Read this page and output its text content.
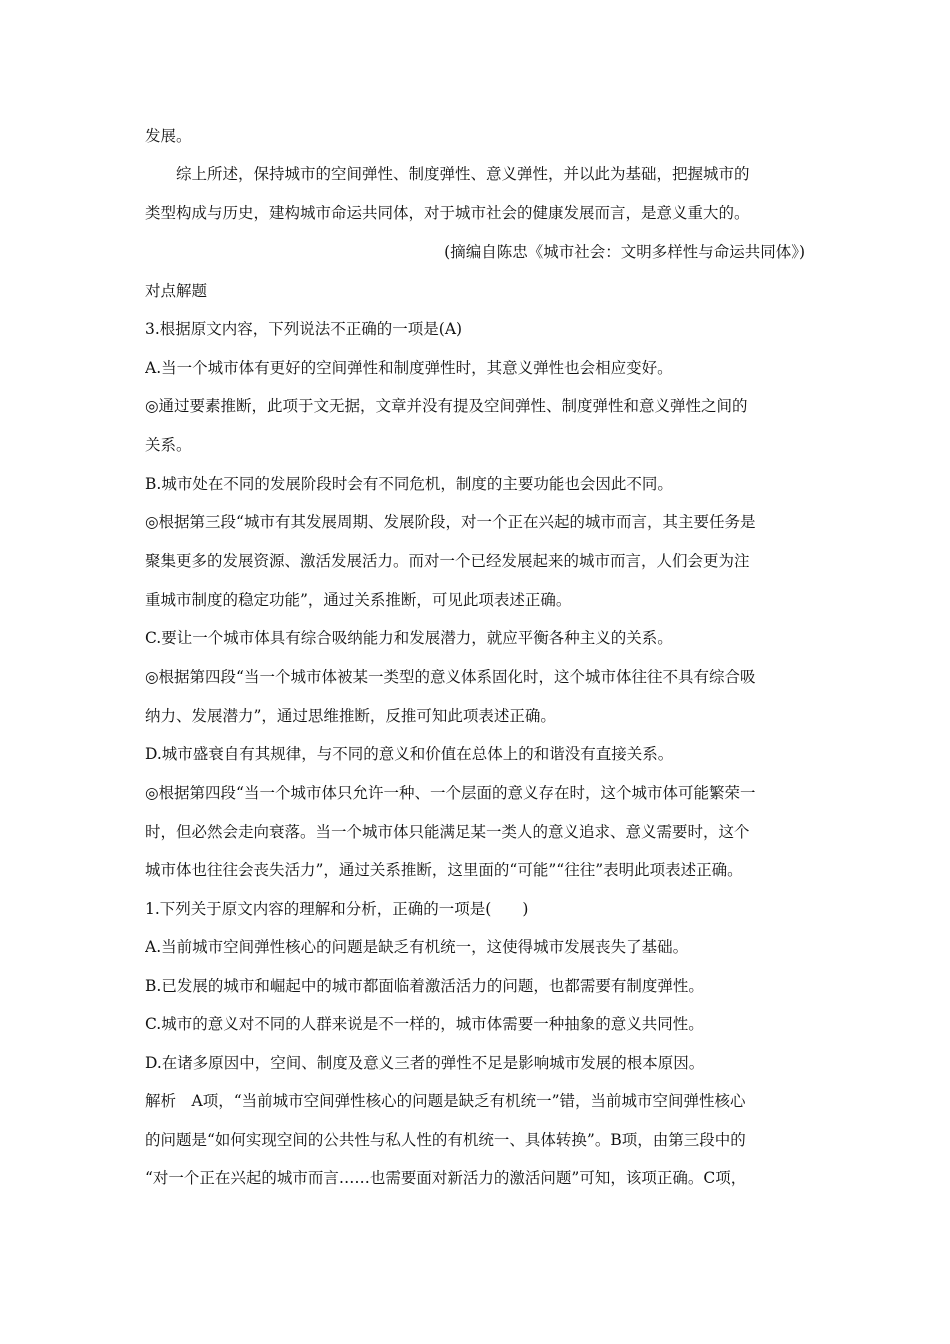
发展。
综上所述，保持城市的空间弹性、制度弹性、意义弹性，并以此为基础，把握城市的
类型构成与历史，建构城市命运共同体，对于城市社会的健康发展而言，是意义重大的。
(摘编自陈忠《城市社会：文明多样性与命运共同体》)
对点解题
3.根据原文内容，下列说法不正确的一项是(A)
A.当一个城市体有更好的空间弹性和制度弹性时，其意义弹性也会相应变好。
◎通过要素推断，此项于文无据，文章并没有提及空间弹性、制度弹性和意义弹性之间的
关系。
B.城市处在不同的发展阶段时会有不同危机，制度的主要功能也会因此不同。
◎根据第三段“城市有其发展周期、发展阶段，对一个正在兴起的城市而言，其主要任务是
聚集更多的发展资源、激活发展活力。而对一个已经发展起来的城市而言，人们会更为注
重城市制度的稳定功能”，通过关系推断，可见此项表述正确。
C.要让一个城市体具有综合吸纳能力和发展潜力，就应平衡各种主义的关系。
◎根据第四段“当一个城市体被某一类型的意义体系固化时，这个城市体往往不具有综合吸
纳力、发展潜力”，通过思维推断，反推可知此项表述正确。
D.城市盛衰自有其规律，与不同的意义和价值在总体上的和谐没有直接关系。
◎根据第四段“当一个城市体只允许一种、一个层面的意义存在时，这个城市体可能繁荣一
时，但必然会走向衰落。当一个城市体只能满足某一类人的意义追求、意义需要时，这个
城市体也往往会丧失活力”，通过关系推断，这里面的“可能”“往往”表明此项表述正确。
1.下列关于原文内容的理解和分析，正确的一项是(　　)
A.当前城市空间弹性核心的问题是缺乏有机统一，这使得城市发展丧失了基础。
B.已发展的城市和崛起中的城市都面临着激活活力的问题，也都需要有制度弹性。
C.城市的意义对不同的人群来说是不一样的，城市体需要一种抽象的意义共同性。
D.在诸多原因中，空间、制度及意义三者的弹性不足是影响城市发展的根本原因。
解析　A项，“当前城市空间弹性核心的问题是缺乏有机统一”错，当前城市空间弹性核心
的问题是“如何实现空间的公共性与私人性的有机统一、具体转换”。B项，由第三段中的
“对一个正在兴起的城市而言……也需要面对新活力的激活问题”可知，该项正确。C项，
